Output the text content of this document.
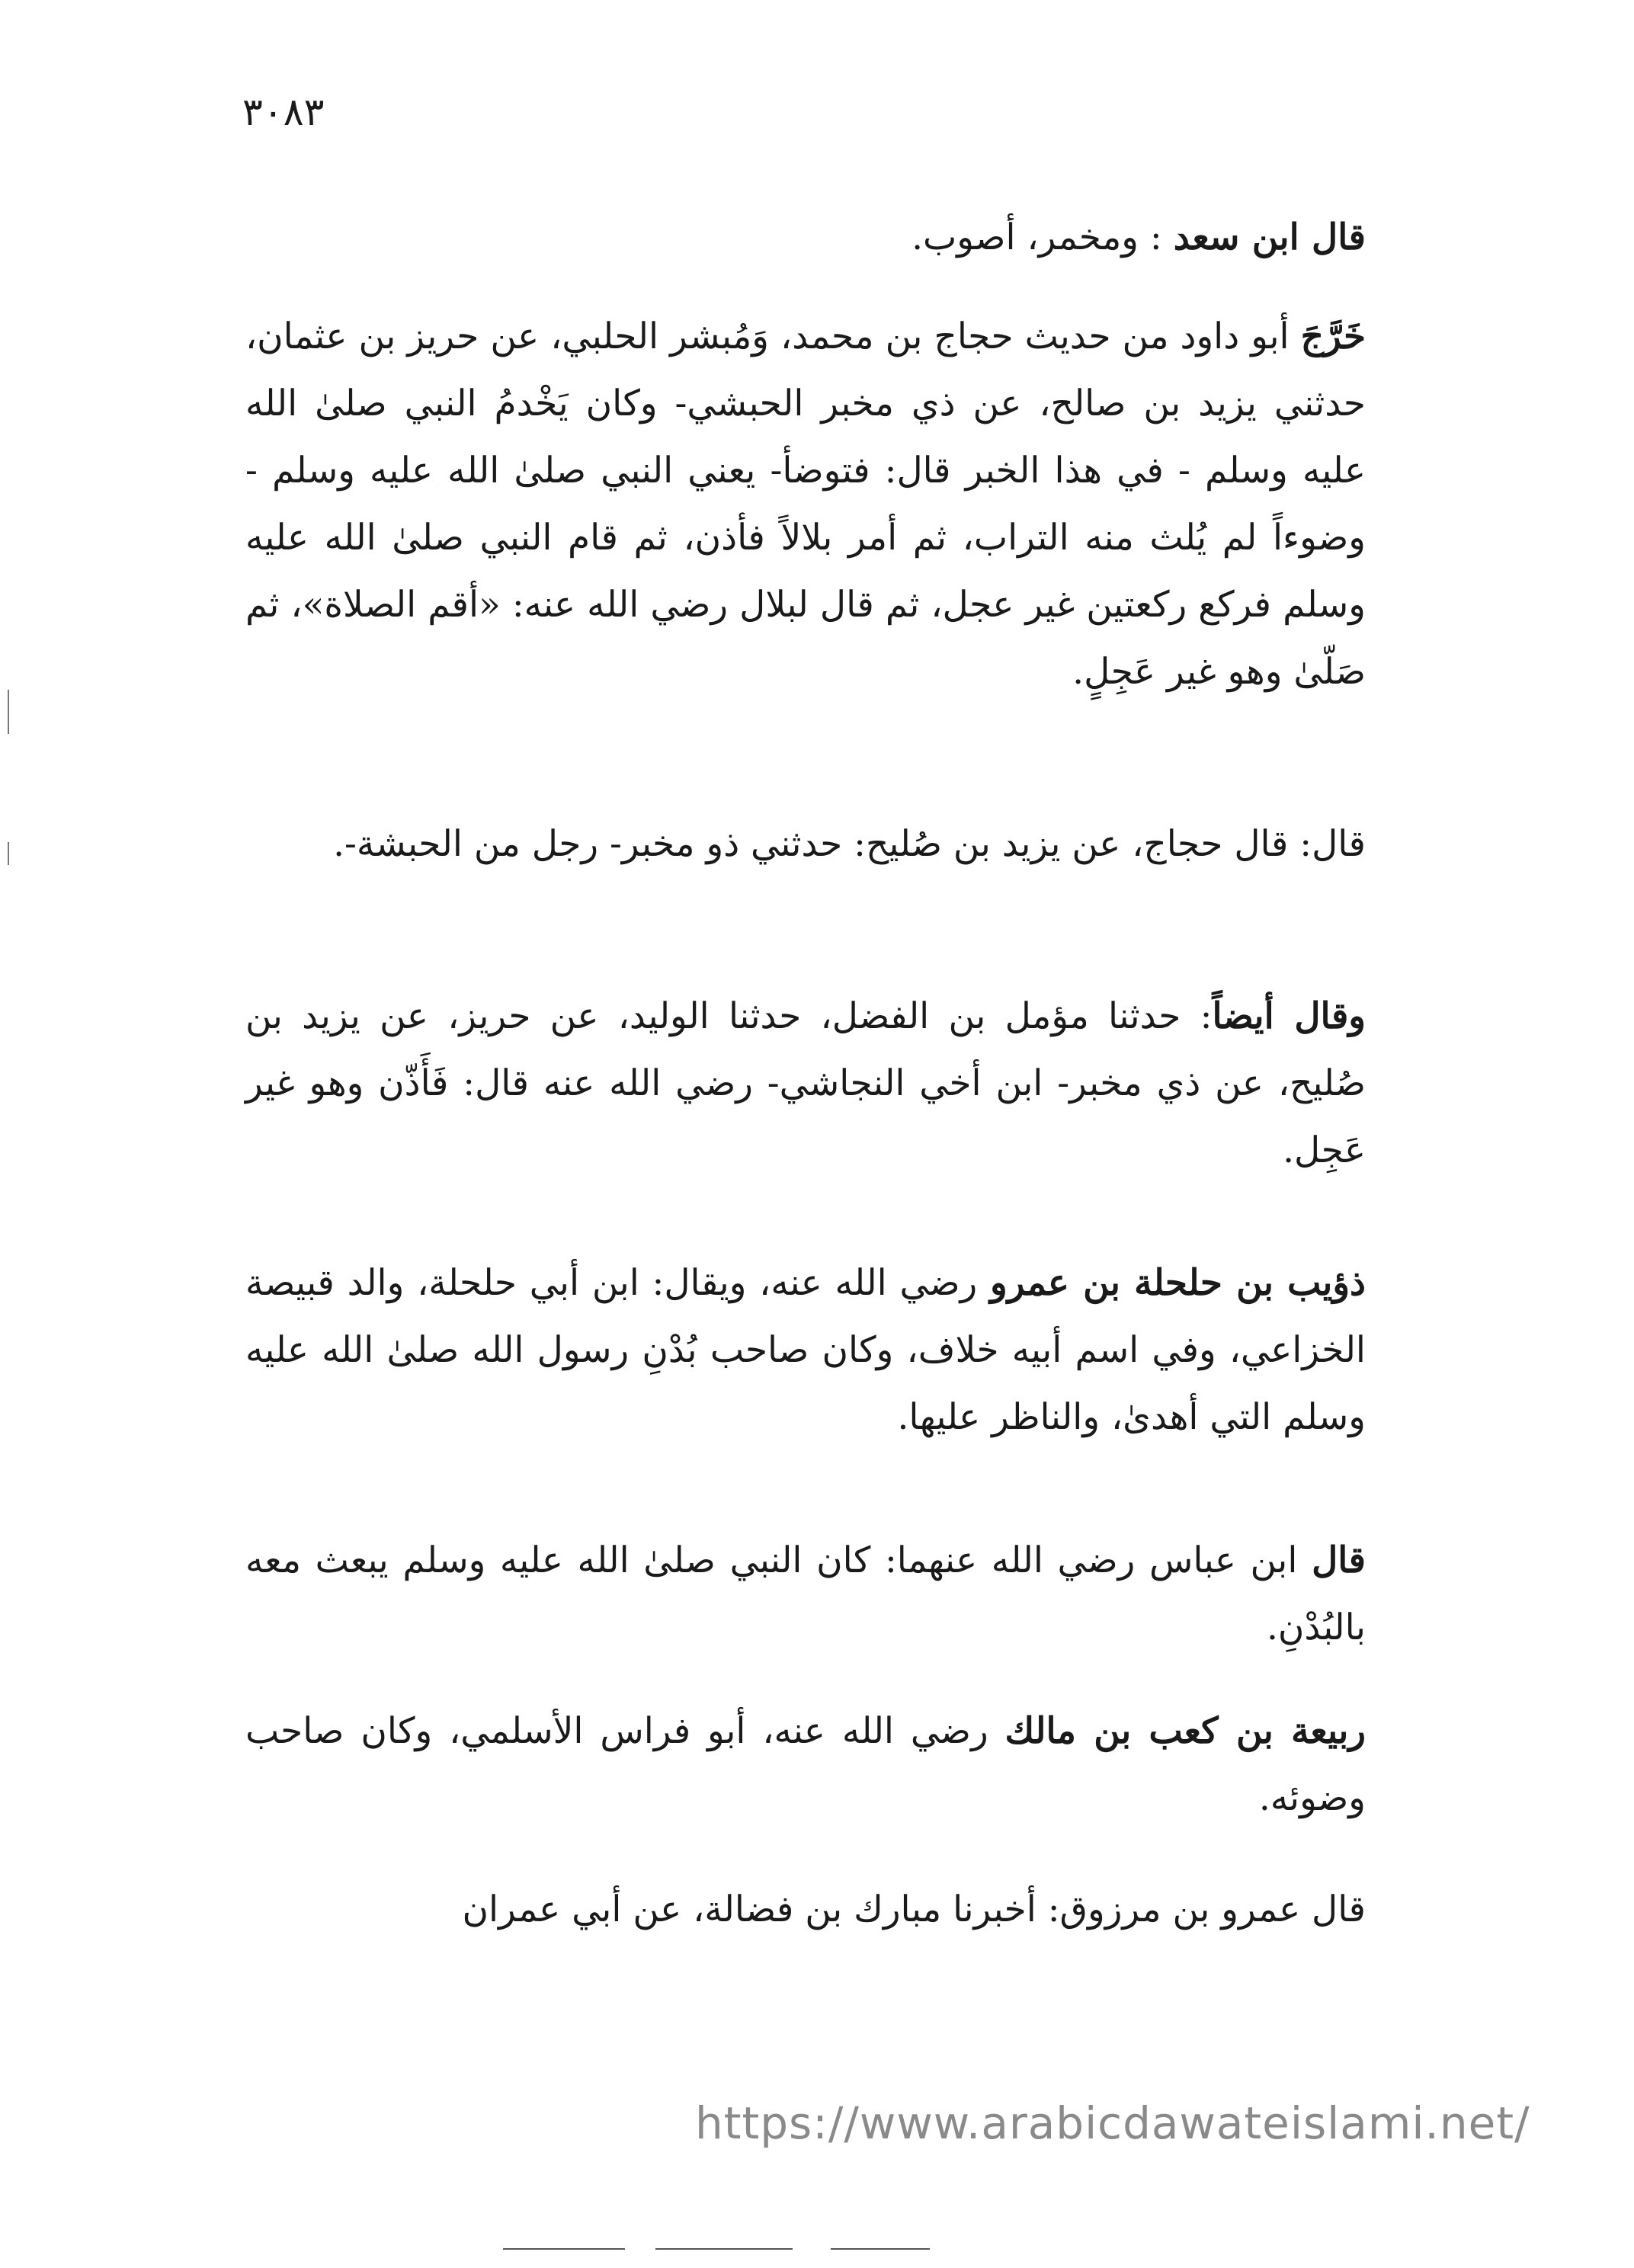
٣٠٨٣

قال ابن سعد : ومخمر، أصوب.

خَرَّجَ أبو داود من حديث حجاج بن محمد، وَمُبشر الحلبي، عن حريز بن عثمان، حدثني يزيد بن صالح، عن ذي مخبر الحبشي- وكان يَخْدمُ النبي صلىٰ الله عليه وسلم - في هذا الخبر قال: فتوضأ- يعني النبي صلىٰ الله عليه وسلم - وضوءاً لم يُلث منه التراب، ثم أمر بلالاً فأذن، ثم قام النبي صلىٰ الله عليه وسلم فركع ركعتين غير عجل، ثم قال لبلال رضي الله عنه: «أقم الصلاة»، ثم صَلّىٰ وهو غير عَجِلٍ.

قال: قال حجاج، عن يزيد بن صُليح: حدثني ذو مخبر- رجل من الحبشة-.

وقال أيضاً: حدثنا مؤمل بن الفضل، حدثنا الوليد، عن حريز، عن يزيد بن صُليح، عن ذي مخبر- ابن أخي النجاشي- رضي الله عنه قال: فَأَذّن وهو غير عَجِل.

ذؤيب بن حلحلة بن عمرو رضي الله عنه، ويقال: ابن أبي حلحلة، والد قبيصة الخزاعي، وفي اسم أبيه خلاف، وكان صاحب بُدْنِ رسول الله صلىٰ الله عليه وسلم التي أهدىٰ، والناظر عليها.

قال ابن عباس رضي الله عنهما: كان النبي صلىٰ الله عليه وسلم يبعث معه بالبُدْنِ.

ربيعة بن كعب بن مالك رضي الله عنه، أبو فراس الأسلمي، وكان صاحب وضوئه.

قال عمرو بن مرزوق: أخبرنا مبارك بن فضالة، عن أبي عمران

https://www.arabicdawateislami.net/
